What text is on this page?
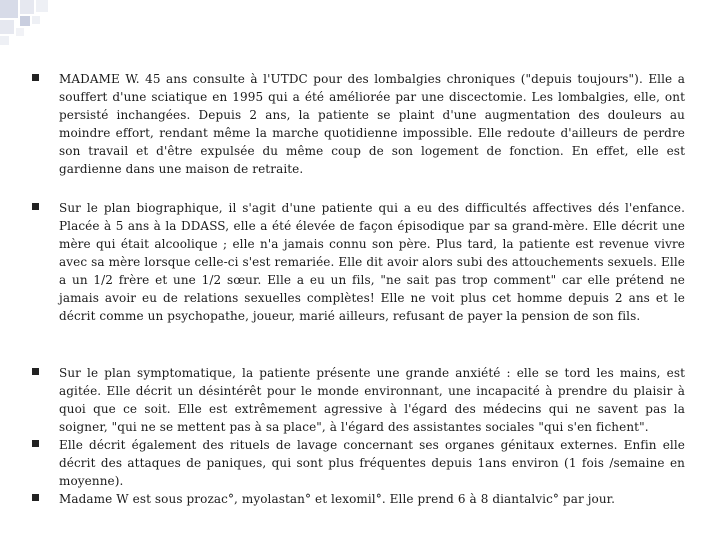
MADAME W. 45 ans consulte à l'UTDC pour des lombalgies chroniques ("depuis toujours"). Elle a souffert d'une sciatique en 1995 qui a été améliorée par une discectomie. Les lombalgies, elle, ont persisté inchangées. Depuis 2 ans, la patiente se plaint d'une augmentation des douleurs au moindre effort, rendant même la marche quotidienne impossible. Elle redoute d'ailleurs de perdre son travail et d'être expulsée du même coup de son logement de fonction. En effet, elle est gardienne dans une maison de retraite.

Sur le plan biographique, il s'agit d'une patiente qui a eu des difficultés affectives dés l'enfance. Placée à 5 ans à la DDASS, elle a été élevée de façon épisodique par sa grand-mère. Elle décrit une mère qui était alcoolique ; elle n'a jamais connu son père. Plus tard, la patiente est revenue vivre avec sa mère lorsque celle-ci s'est remariée. Elle dit avoir alors subi des attouchements sexuels. Elle a un 1/2 frère et une 1/2 sœur. Elle a eu un fils, "ne sait pas trop comment" car elle prétend ne jamais avoir eu de relations sexuelles complètes! Elle ne voit plus cet homme depuis 2 ans et le décrit comme un psychopathe, joueur, marié ailleurs, refusant de payer la pension de son fils.

Sur le plan symptomatique, la patiente présente une grande anxiété : elle se tord les mains, est agitée. Elle décrit un désintérêt pour le monde environnant, une incapacité à prendre du plaisir à quoi que ce soit. Elle est extrêmement agressive à l'égard des médecins qui ne savent pas la soigner, "qui ne se mettent pas à sa place", à l'égard des assistantes sociales "qui s'en fichent".

Elle décrit également des rituels de lavage concernant ses organes génitaux externes. Enfin elle décrit des attaques de paniques, qui sont plus fréquentes depuis 1ans environ (1 fois /semaine en moyenne).

Madame W est sous prozac°, myolastan° et lexomil°. Elle prend 6 à 8 diantalvic° par jour.
